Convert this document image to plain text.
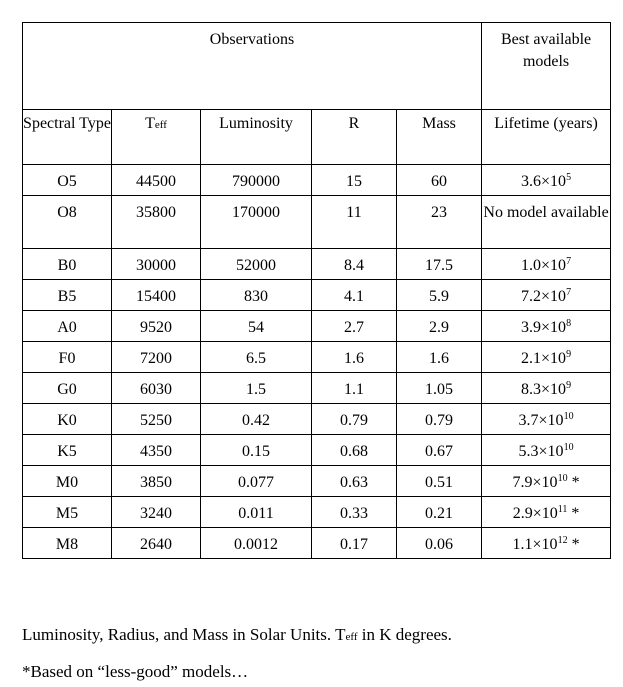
Observations					Best available models
Spectral Type	Teff	Luminosity	R	Mass	Lifetime (years)
O5	44500	790000	15	60	$3.6\times 10^5$
O8	35800	170000	11	23	No model available
B0	30000	52000	8.4	17.5	$1.0\times 10^7$
B5	15400	830	4.1	5.9	$7.2\times 10^7$
A0	9520	54	2.7	2.9	$3.9\times 10^8$
F0	7200	6.5	1.6	1.6	$2.1\times 10^9$
G0	6030	1.5	1.1	1.05	$8.3\times 10^9$
K0	5250	0.42	0.79	0.79	$3.7\times 10^{10}$
K5	4350	0.15	0.68	0.67	$5.3\times 10^{10}$
M0	3850	0.077	0.63	0.51	$7.9\times 10^{10}$ *
M5	3240	0.011	0.33	0.21	$2.9\times 10^{11}$ *
M8	2640	0.0012	0.17	0.06	$1.1\times 10^{12}$ *
Luminosity, Radius, and Mass in Solar Units. Teff in K degrees.
*Based on “less-good” models…
